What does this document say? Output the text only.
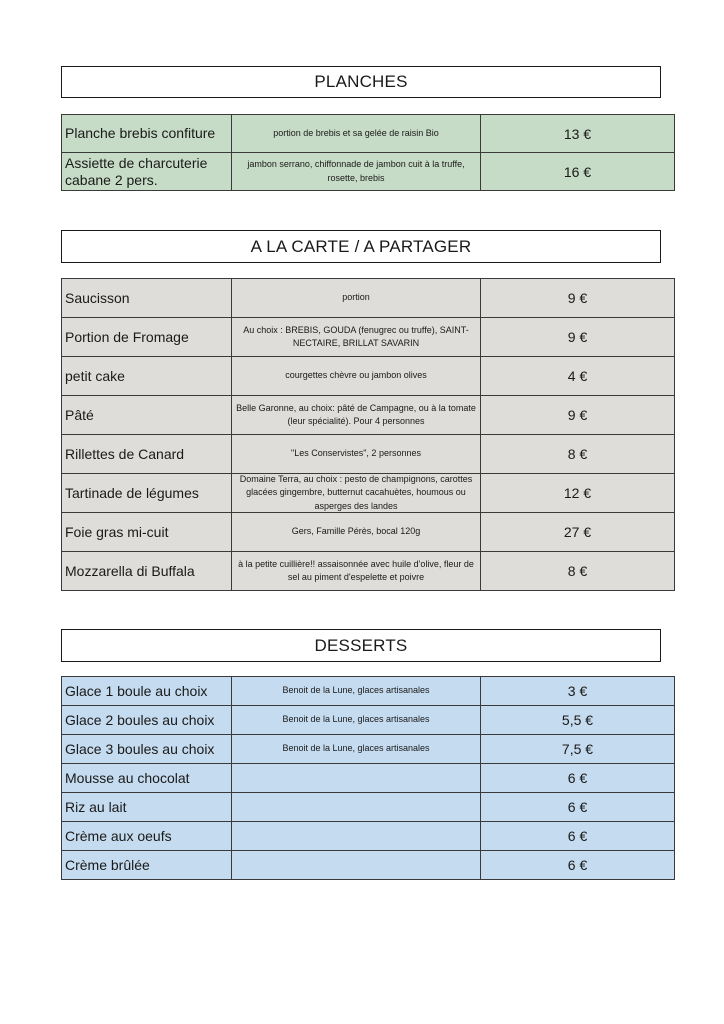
PLANCHES
Planche brebis confiture	portion de brebis et sa gelée de raisin Bio	13 €
Assiette de charcuterie cabane 2 pers.	jambon serrano, chiffonnade de jambon cuit à la truffe, rosette, brebis	16 €
A LA CARTE / A PARTAGER
Saucisson	portion	9 €
Portion de Fromage	Au choix : BREBIS, GOUDA (fenugrec ou truffe), SAINT-NECTAIRE, BRILLAT SAVARIN	9 €
petit cake	courgettes chèvre ou jambon olives	4 €
Pâté	Belle Garonne, au choix: pâté de Campagne, ou à la tomate (leur spécialité). Pour 4 personnes	9 €
Rillettes de Canard	"Les Conservistes", 2 personnes	8 €
Tartinade de légumes	Domaine Terra, au choix : pesto de champignons, carottes glacées gingembre, butternut cacahuètes, houmous ou asperges des landes	12 €
Foie gras mi-cuit	Gers, Famille Pérès, bocal 120g	27 €
Mozzarella di Buffala	à la petite cuillière!! assaisonnée avec huile d'olive, fleur de sel au piment d'espelette et poivre	8 €
DESSERTS
Glace 1 boule au choix	Benoit de la Lune, glaces artisanales	3 €
Glace 2 boules au choix	Benoit de la Lune, glaces artisanales	5,5 €
Glace 3 boules au choix	Benoit de la Lune, glaces artisanales	7,5 €
Mousse au chocolat		6 €
Riz au lait		6 €
Crème aux oeufs		6 €
Crème brûlée		6 €
